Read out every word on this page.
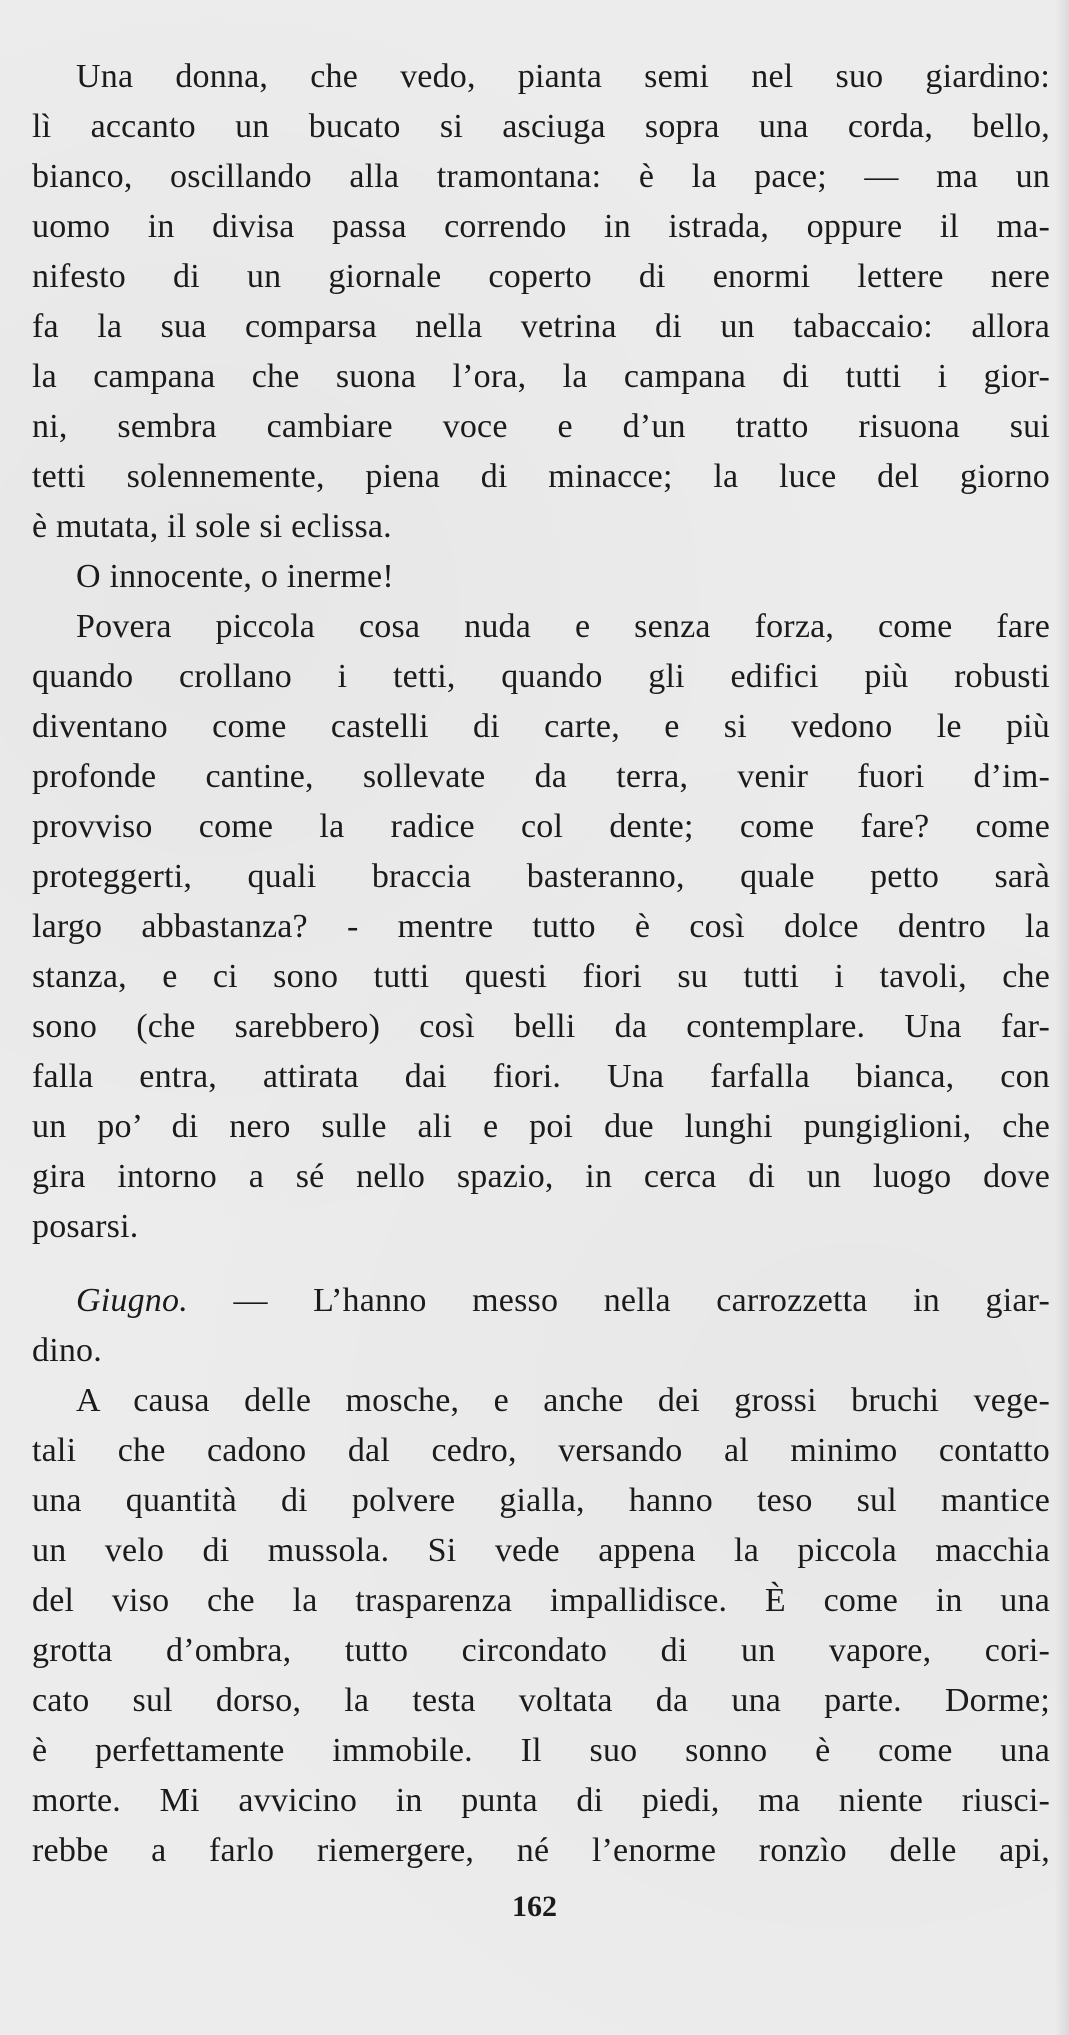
Una donna, che vedo, pianta semi nel suo giardino:
lì accanto un bucato si asciuga sopra una corda, bello,
bianco, oscillando alla tramontana: è la pace; — ma un
uomo in divisa passa correndo in istrada, oppure il ma-
nifesto di un giornale coperto di enormi lettere nere
fa la sua comparsa nella vetrina di un tabaccaio: allora
la campana che suona l’ora, la campana di tutti i gior-
ni, sembra cambiare voce e d’un tratto risuona sui
tetti solennemente, piena di minacce; la luce del giorno
è mutata, il sole si eclissa.
O innocente, o inerme!
Povera piccola cosa nuda e senza forza, come fare
quando crollano i tetti, quando gli edifici più robusti
diventano come castelli di carte, e si vedono le più
profonde cantine, sollevate da terra, venir fuori d’im-
provviso come la radice col dente; come fare? come
proteggerti, quali braccia basteranno, quale petto sarà
largo abbastanza? - mentre tutto è così dolce dentro la
stanza, e ci sono tutti questi fiori su tutti i tavoli, che
sono (che sarebbero) così belli da contemplare. Una far-
falla entra, attirata dai fiori. Una farfalla bianca, con
un po’ di nero sulle ali e poi due lunghi pungiglioni, che
gira intorno a sé nello spazio, in cerca di un luogo dove
posarsi.
Giugno. — L’hanno messo nella carrozzetta in giar-
dino.
A causa delle mosche, e anche dei grossi bruchi vege-
tali che cadono dal cedro, versando al minimo contatto
una quantità di polvere gialla, hanno teso sul mantice
un velo di mussola. Si vede appena la piccola macchia
del viso che la trasparenza impallidisce. È come in una
grotta d’ombra, tutto circondato di un vapore, cori-
cato sul dorso, la testa voltata da una parte. Dorme;
è perfettamente immobile. Il suo sonno è come una
morte. Mi avvicino in punta di piedi, ma niente riusci-
rebbe a farlo riemergere, né l’enorme ronzìo delle api,
162
